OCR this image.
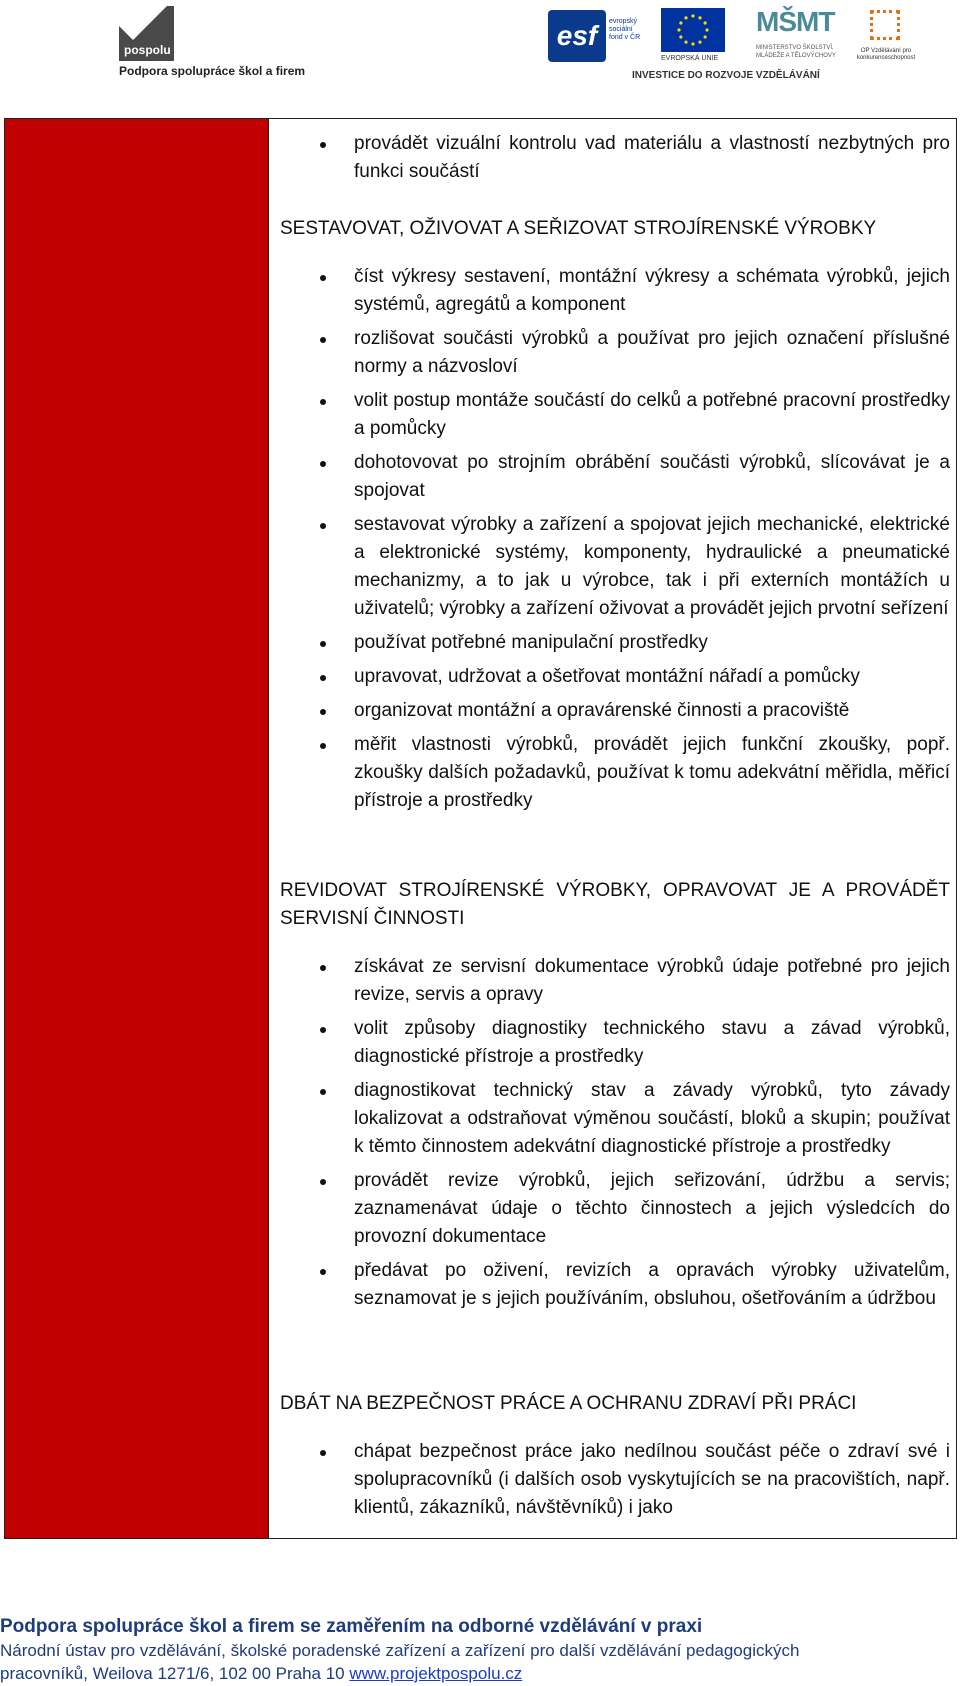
pospolu
Podpora spolupráce škol a firem
esf	evropský sociální fond v ČR
EVROPSKÁ UNIE
MŠMT
MINISTERSTVO ŠKOLSTVÍ, MLÁDEŽE A TĚLOVÝCHOVY
OP Vzdělávání pro konkurenceschopnost
INVESTICE DO ROZVOJE VZDĚLÁVÁNÍ
provádět vizuální kontrolu vad materiálu a vlastností nezbytných pro funkci součástí

SESTAVOVAT, OŽIVOVAT A SEŘIZOVAT STROJÍRENSKÉ VÝROBKY

číst výkresy sestavení, montážní výkresy a schémata výrobků, jejich systémů, agregátů a komponent
rozlišovat součásti výrobků a používat pro jejich označení příslušné normy a názvosloví
volit postup montáže součástí do celků a potřebné pracovní prostředky a pomůcky
dohotovovat po strojním obrábění součásti výrobků, slícovávat je a spojovat
sestavovat výrobky a zařízení a spojovat jejich mechanické, elektrické a elektronické systémy, komponenty, hydraulické a pneumatické mechanizmy, a to jak u výrobce, tak i při externích montážích u uživatelů; výrobky a zařízení oživovat a provádět jejich prvotní seřízení
používat potřebné manipulační prostředky
upravovat, udržovat a ošetřovat montážní nářadí a pomůcky
organizovat montážní a opravárenské činnosti a pracoviště
měřit vlastnosti výrobků, provádět jejich funkční zkoušky, popř. zkoušky dalších požadavků, používat k tomu adekvátní měřidla, měřicí přístroje a prostředky

REVIDOVAT STROJÍRENSKÉ VÝROBKY, OPRAVOVAT JE A PROVÁDĚT SERVISNÍ ČINNOSTI

získávat ze servisní dokumentace výrobků údaje potřebné pro jejich revize, servis a opravy
volit způsoby diagnostiky technického stavu a závad výrobků, diagnostické přístroje a prostředky
diagnostikovat technický stav a závady výrobků, tyto závady lokalizovat a odstraňovat výměnou součástí, bloků a skupin; používat k těmto činnostem adekvátní diagnostické přístroje a prostředky
provádět revize výrobků, jejich seřizování, údržbu a servis; zaznamenávat údaje o těchto činnostech a jejich výsledcích do provozní dokumentace
předávat po oživení, revizích a opravách výrobky uživatelům, seznamovat je s jejich používáním, obsluhou, ošetřováním a údržbou

DBÁT NA BEZPEČNOST PRÁCE A OCHRANU ZDRAVÍ PŘI PRÁCI

chápat bezpečnost práce jako nedílnou součást péče o zdraví své i spolupracovníků (i dalších osob vyskytujících se na pracovištích, např. klientů, zákazníků, návštěvníků) i jako
Podpora spolupráce škol a firem se zaměřením na odborné vzdělávání v praxi
Národní ústav pro vzdělávání, školské poradenské zařízení a zařízení pro další vzdělávání pedagogických
pracovníků, Weilova 1271/6, 102 00 Praha 10 www.projektpospolu.cz
